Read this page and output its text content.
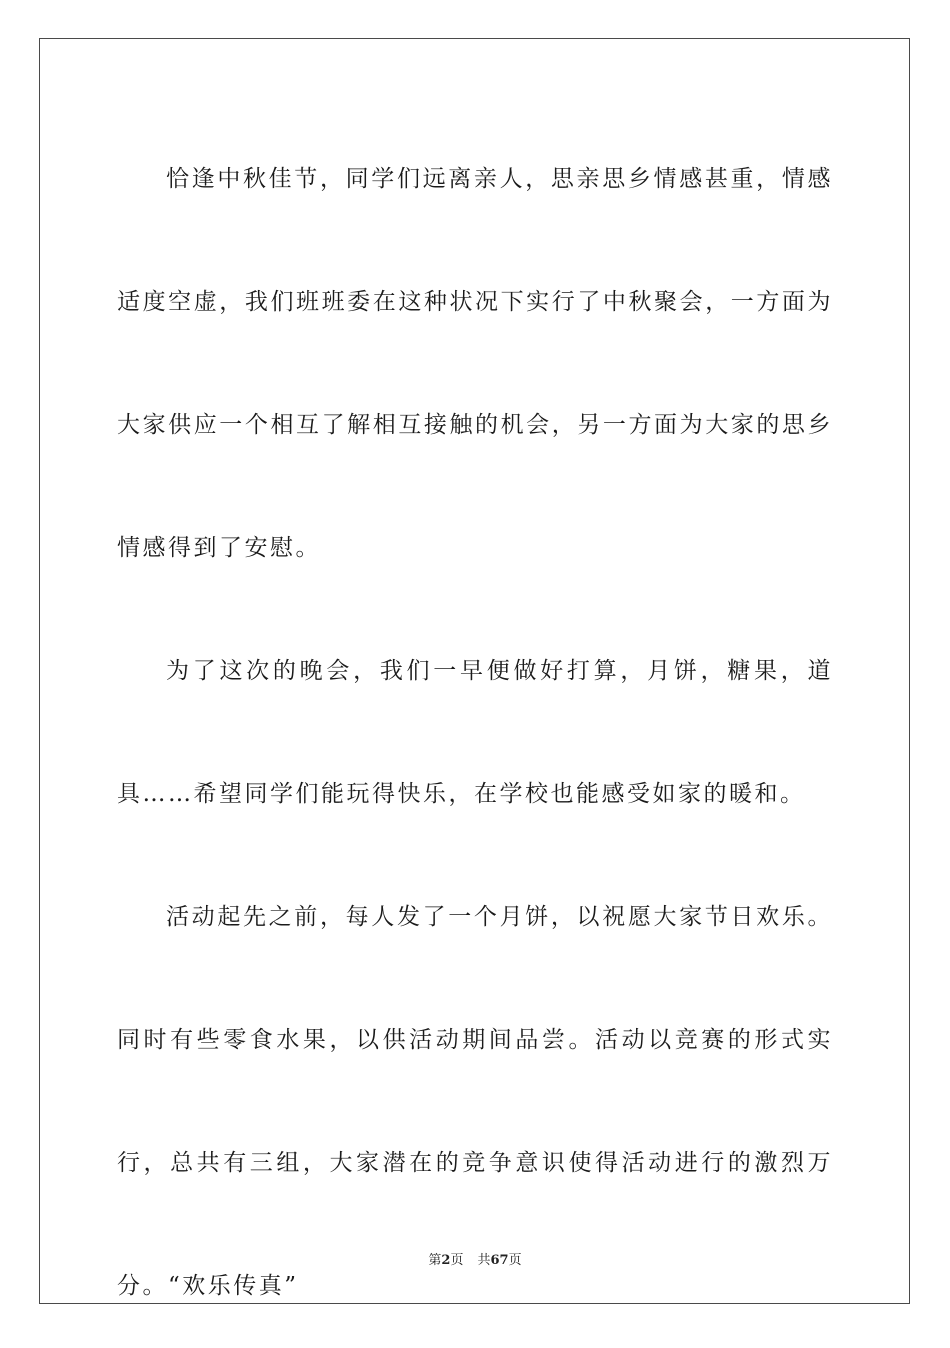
恰逢中秋佳节，同学们远离亲人，思亲思乡情感甚重，情感适度空虚，我们班班委在这种状况下实行了中秋聚会，一方面为大家供应一个相互了解相互接触的机会，另一方面为大家的思乡情感得到了安慰。

为了这次的晚会，我们一早便做好打算，月饼，糖果，道具……希望同学们能玩得快乐，在学校也能感受如家的暖和。

活动起先之前，每人发了一个月饼，以祝愿大家节日欢乐。同时有些零食水果，以供活动期间品尝。活动以竞赛的形式实行，总共有三组，大家潜在的竞争意识使得活动进行的激烈万分。“欢乐传真”

第2页 共67页
